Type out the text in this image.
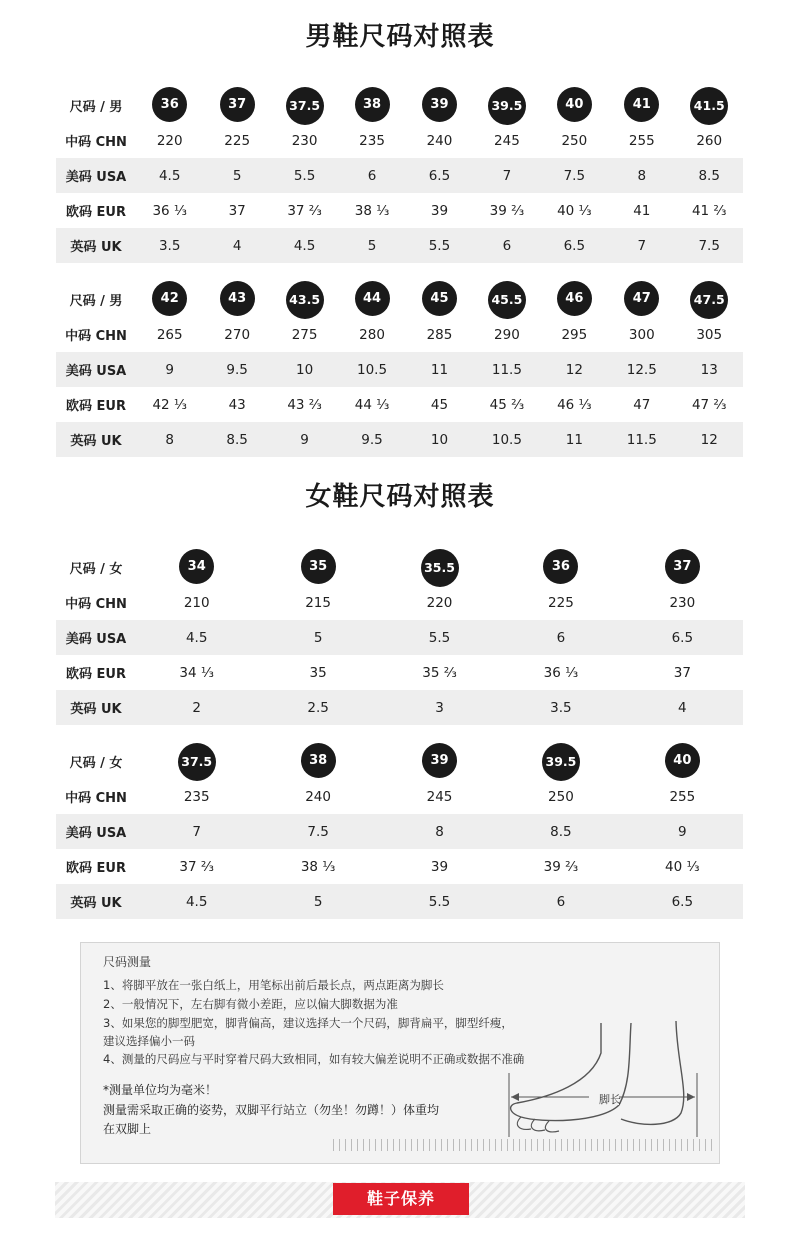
男鞋尺码对照表
尺码 / 男	36	37	37.5	38	39	39.5	40	41	41.5
中码 CHN	220	225	230	235	240	245	250	255	260
美码 USA	4.5	5	5.5	6	6.5	7	7.5	8	8.5
欧码 EUR	36 ⅓	37	37 ⅔	38 ⅓	39	39 ⅔	40 ⅓	41	41 ⅔
英码 UK	3.5	4	4.5	5	5.5	6	6.5	7	7.5
尺码 / 男	42	43	43.5	44	45	45.5	46	47	47.5
中码 CHN	265	270	275	280	285	290	295	300	305
美码 USA	9	9.5	10	10.5	11	11.5	12	12.5	13
欧码 EUR	42 ⅓	43	43 ⅔	44 ⅓	45	45 ⅔	46 ⅓	47	47 ⅔
英码 UK	8	8.5	9	9.5	10	10.5	11	11.5	12
女鞋尺码对照表
尺码 / 女	34	35	35.5	36	37
中码 CHN	210	215	220	225	230
美码 USA	4.5	5	5.5	6	6.5
欧码 EUR	34 ⅓	35	35 ⅔	36 ⅓	37
英码 UK	2	2.5	3	3.5	4
尺码 / 女	37.5	38	39	39.5	40
中码 CHN	235	240	245	250	255
美码 USA	7	7.5	8	8.5	9
欧码 EUR	37 ⅔	38 ⅓	39	39 ⅔	40 ⅓
英码 UK	4.5	5	5.5	6	6.5
尺码测量
1、将脚平放在一张白纸上，用笔标出前后最长点，两点距离为脚长
2、一般情况下，左右脚有微小差距，应以偏大脚数据为准
3、如果您的脚型肥宽，脚背偏高，建议选择大一个尺码，脚背扁平，脚型纤瘦，
建议选择偏小一码
4、测量的尺码应与平时穿着尺码大致相同，如有较大偏差说明不正确或数据不准确
*测量单位均为毫米！
测量需采取正确的姿势，双脚平行站立（勿坐！勿蹲！）体重均
在双脚上
脚长
鞋子保养
